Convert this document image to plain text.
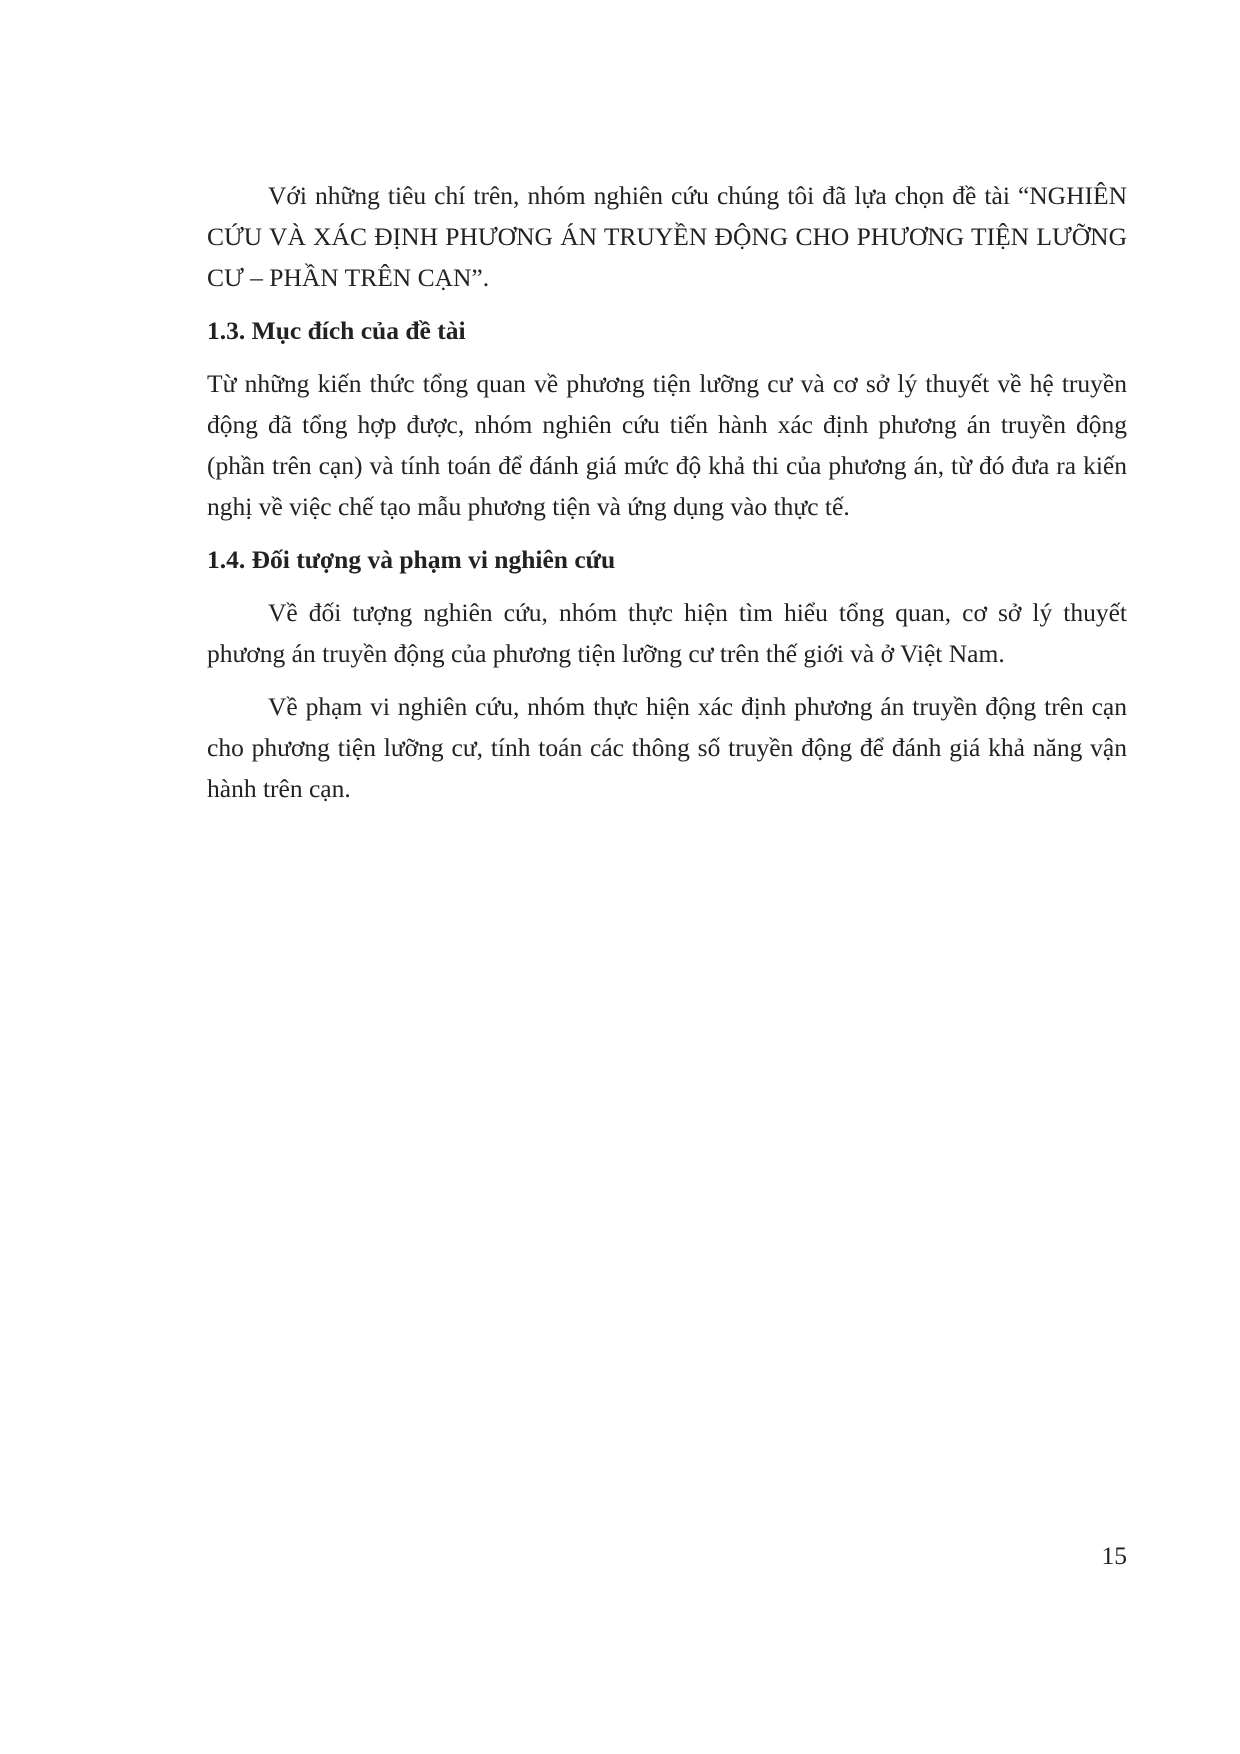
Với những tiêu chí trên, nhóm nghiên cứu chúng tôi đã lựa chọn đề tài “NGHIÊN CỨU VÀ XÁC ĐỊNH PHƯƠNG ÁN TRUYỀN ĐỘNG CHO PHƯƠNG TIỆN LƯỠNG CƯ – PHẦN TRÊN CẠN”.

1.3. Mục đích của đề tài

Từ những kiến thức tổng quan về phương tiện lưỡng cư và cơ sở lý thuyết về hệ truyền động đã tổng hợp được, nhóm nghiên cứu tiến hành xác định phương án truyền động (phần trên cạn) và tính toán để đánh giá mức độ khả thi của phương án, từ đó đưa ra kiến nghị về việc chế tạo mẫu phương tiện và ứng dụng vào thực tế.

1.4. Đối tượng và phạm vi nghiên cứu

Về đối tượng nghiên cứu, nhóm thực hiện tìm hiểu tổng quan, cơ sở lý thuyết phương án truyền động của phương tiện lưỡng cư trên thế giới và ở Việt Nam.

Về phạm vi nghiên cứu, nhóm thực hiện xác định phương án truyền động trên cạn cho phương tiện lưỡng cư, tính toán các thông số truyền động để đánh giá khả năng vận hành trên cạn.

15
